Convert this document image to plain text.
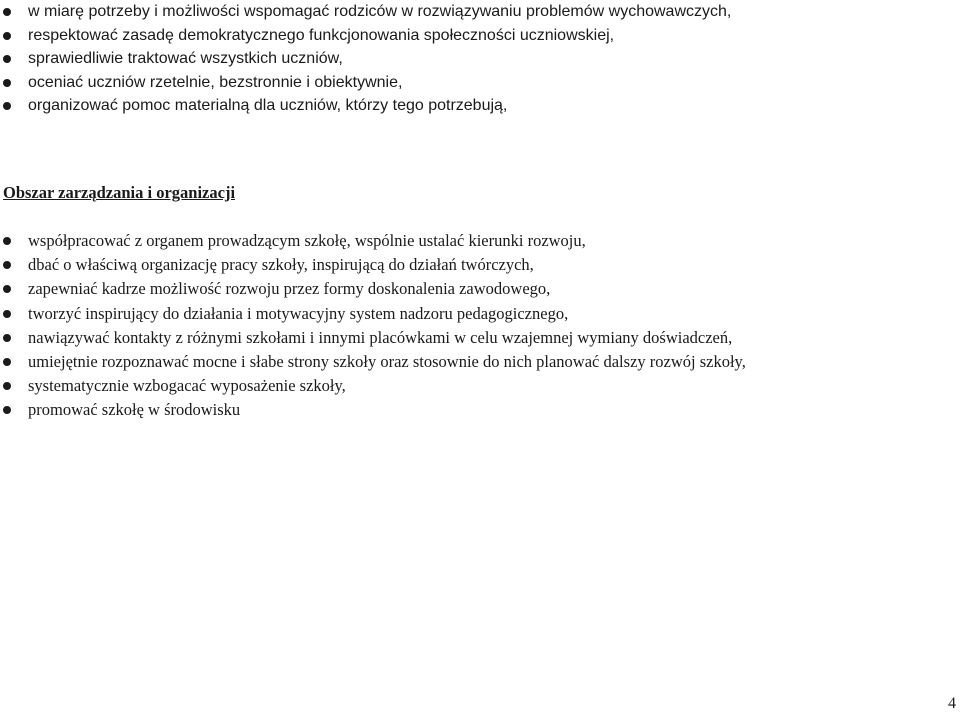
w miarę potrzeby i możliwości wspomagać rodziców w rozwiązywaniu problemów wychowawczych,
respektować zasadę demokratycznego funkcjonowania społeczności uczniowskiej,
sprawiedliwie traktować wszystkich uczniów,
oceniać uczniów rzetelnie, bezstronnie i obiektywnie,
organizować pomoc materialną dla uczniów, którzy tego potrzebują,
Obszar zarządzania i organizacji
współpracować z organem prowadzącym szkołę, wspólnie ustalać kierunki rozwoju,
dbać o właściwą organizację pracy szkoły, inspirującą do działań twórczych,
zapewniać kadrze możliwość rozwoju przez formy doskonalenia zawodowego,
tworzyć inspirujący do działania i motywacyjny system nadzoru pedagogicznego,
nawiązywać kontakty z różnymi szkołami i innymi placówkami w celu wzajemnej wymiany doświadczeń,
umiejętnie rozpoznawać mocne i słabe strony szkoły oraz stosownie do nich planować dalszy rozwój szkoły,
systematycznie wzbogacać wyposażenie szkoły,
promować szkołę w środowisku
4
